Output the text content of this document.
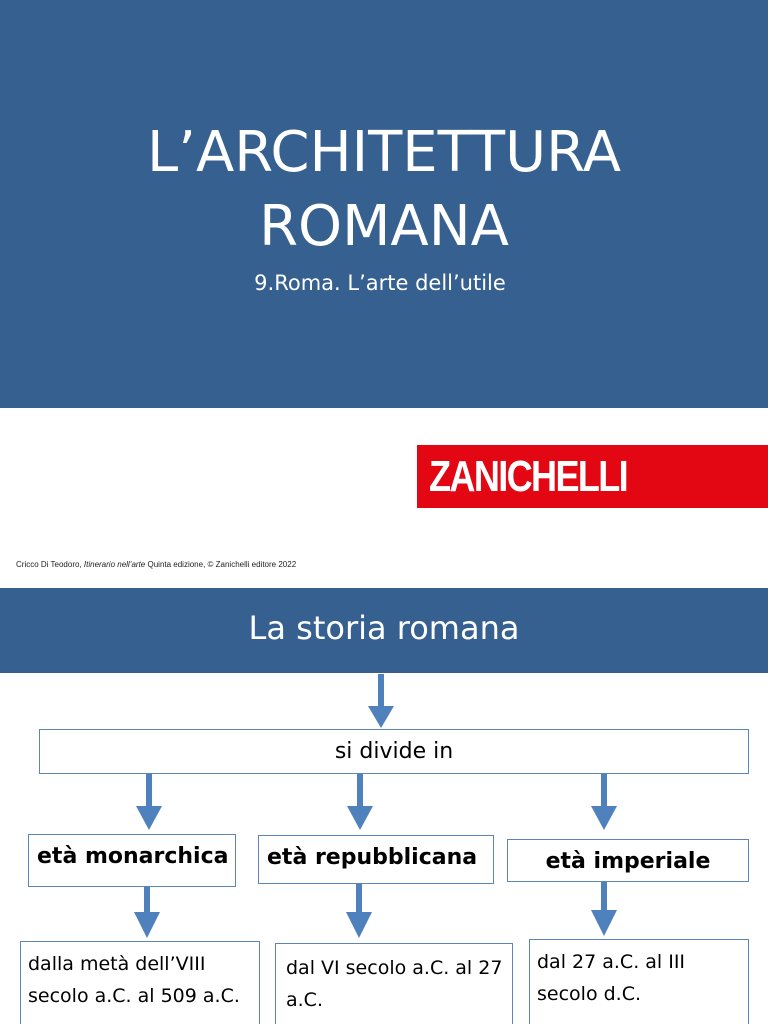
L’ARCHITETTURA
ROMANA
9.Roma. L’arte dell’utile
ZANICHELLI
Cricco Di Teodoro, Itinerario nell’arte Quinta edizione, © Zanichelli editore 2022
La storia romana
si divide in
età monarchica	età repubblicana	età imperiale
dalla metà dell’VIII secolo a.C. al 509 a.C.
dal VI secolo a.C. al 27 a.C.
dal 27 a.C. al III secolo d.C.
